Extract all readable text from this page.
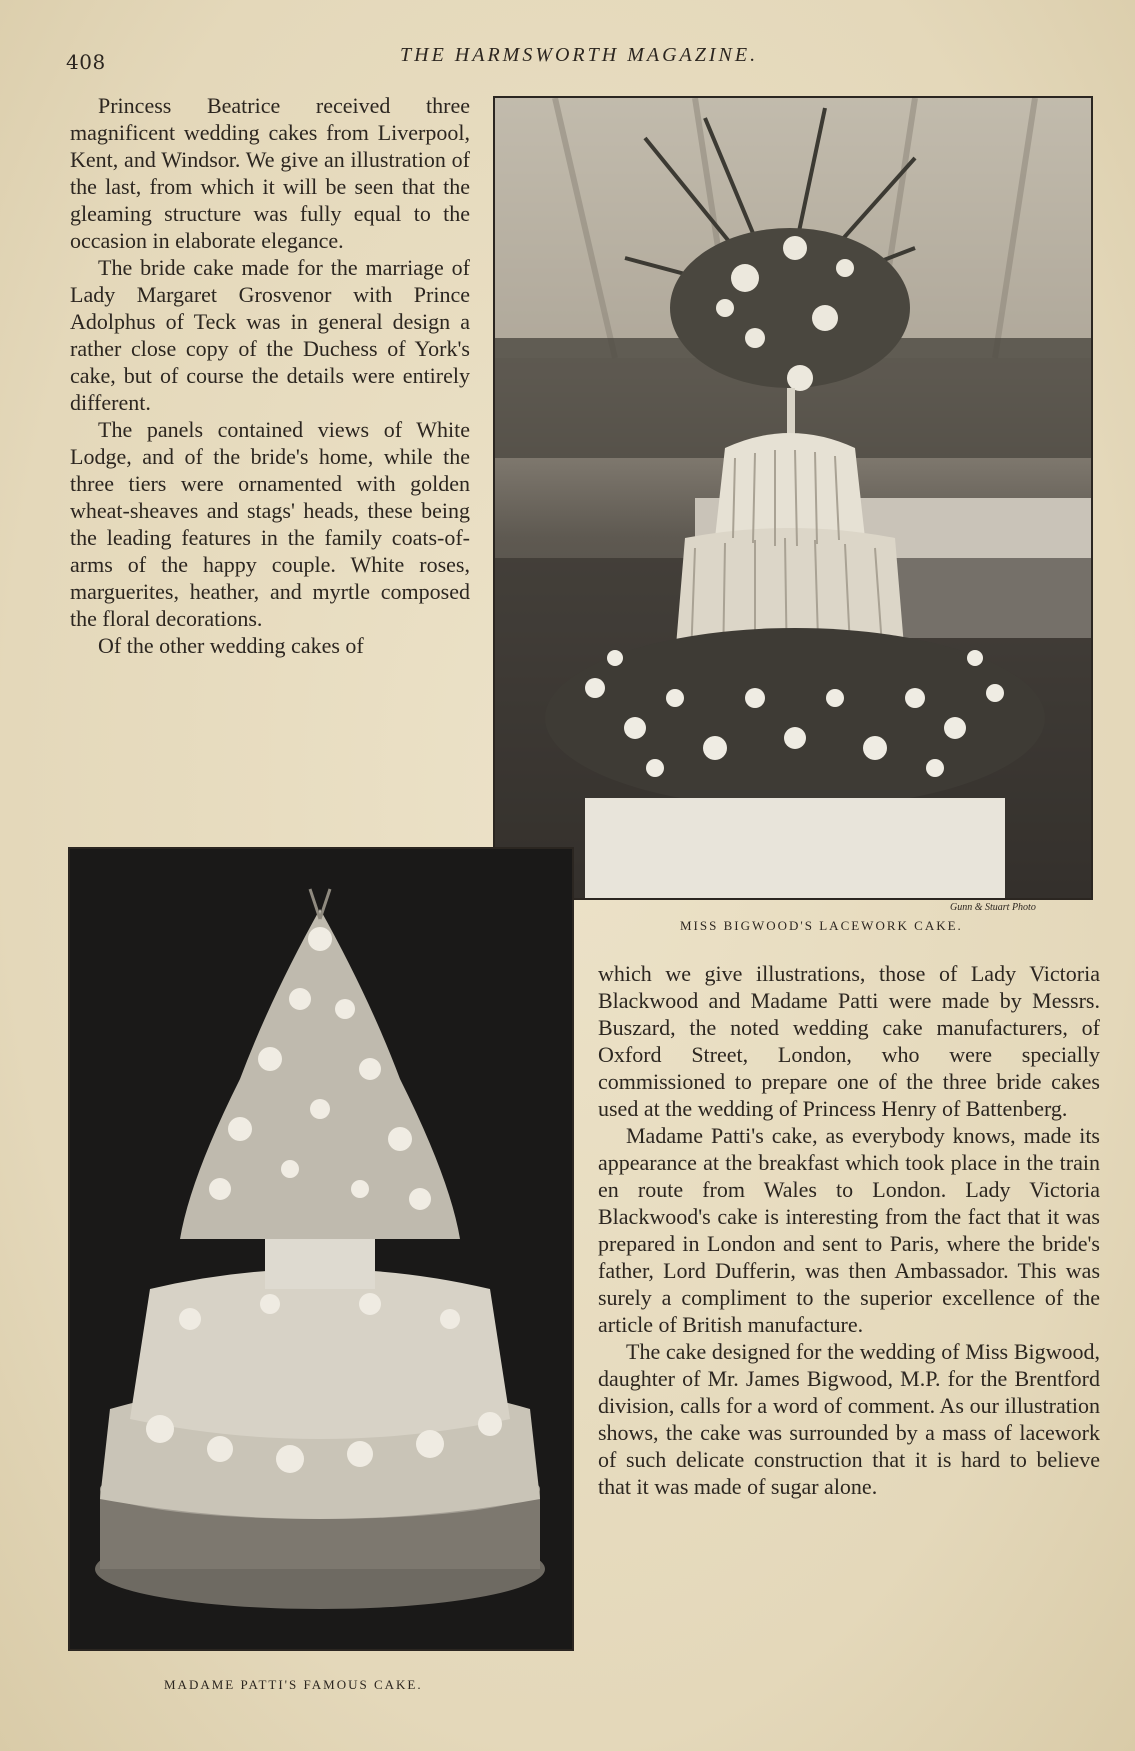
408	THE HARMSWORTH MAGAZINE.

Princess Beatrice received three magnificent wedding cakes from Liverpool, Kent, and Windsor. We give an illustration of the last, from which it will be seen that the gleaming structure was fully equal to the occasion in elaborate elegance.

The bride cake made for the marriage of Lady Margaret Grosvenor with Prince Adolphus of Teck was in general design a rather close copy of the Duchess of York's cake, but of course the details were entirely different.

The panels contained views of White Lodge, and of the bride's home, while the three tiers were ornamented with golden wheat-sheaves and stags' heads, these being the leading features in the family coats-of-arms of the happy couple. White roses, marguerites, heather, and myrtle composed the floral decorations.

Of the other wedding cakes of

Gunn & Stuart Photo
MISS BIGWOOD'S LACEWORK CAKE.
MADAME PATTI'S FAMOUS CAKE.

which we give illustrations, those of Lady Victoria Blackwood and Madame Patti were made by Messrs. Buszard, the noted wedding cake manufacturers, of Oxford Street, London, who were specially commissioned to prepare one of the three bride cakes used at the wedding of Princess Henry of Battenberg.

Madame Patti's cake, as everybody knows, made its appearance at the breakfast which took place in the train en route from Wales to London. Lady Victoria Blackwood's cake is interesting from the fact that it was prepared in London and sent to Paris, where the bride's father, Lord Dufferin, was then Ambassador. This was surely a compliment to the superior excellence of the article of British manufacture.

The cake designed for the wedding of Miss Bigwood, daughter of Mr. James Bigwood, M.P. for the Brentford division, calls for a word of comment. As our illustration shows, the cake was surrounded by a mass of lacework of such delicate construction that it is hard to believe that it was made of sugar alone.
